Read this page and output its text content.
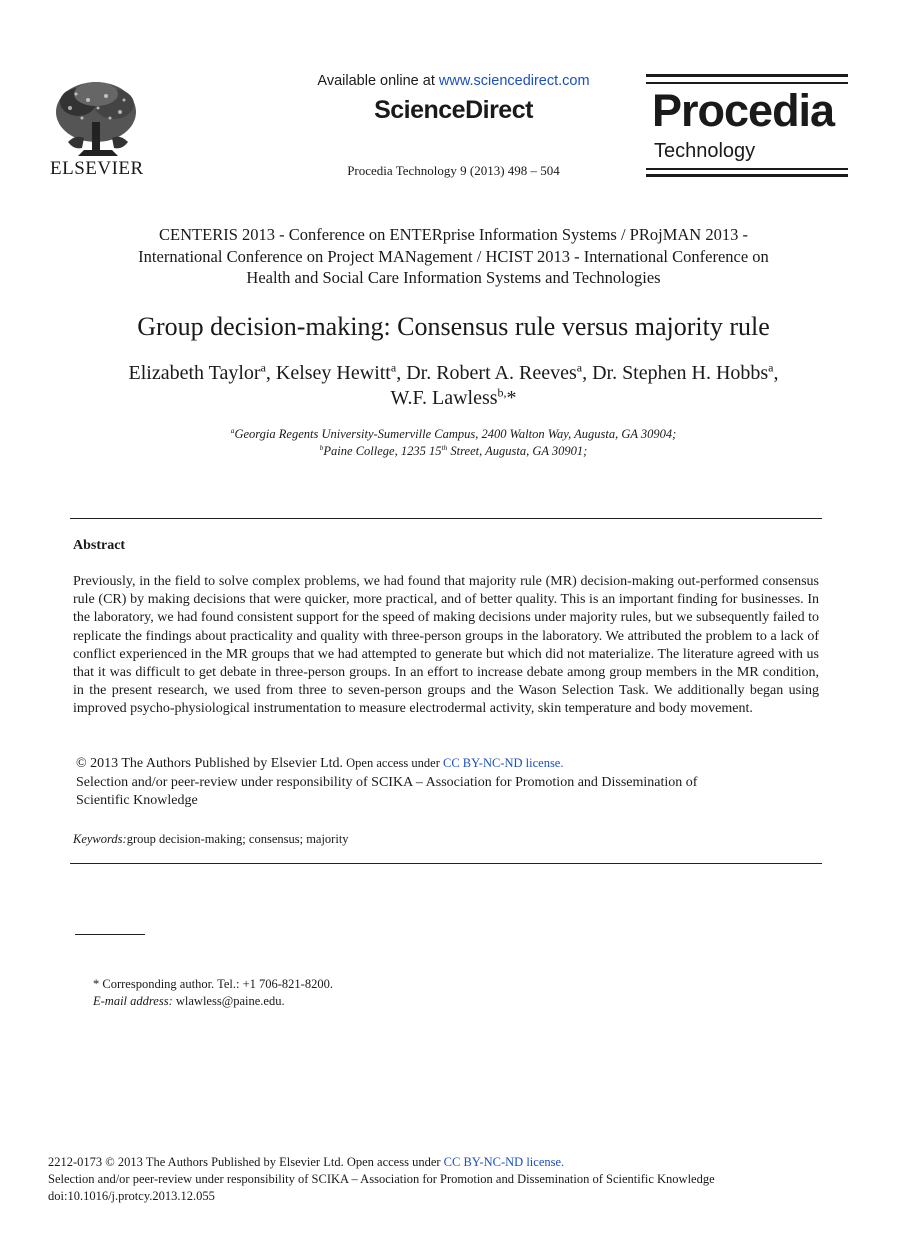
ELSEVIER
Available online at www.sciencedirect.com
ScienceDirect
Procedia Technology 9 (2013) 498 – 504
Procedia
Technology
CENTERIS 2013 - Conference on ENTERprise Information Systems / PRojMAN 2013 -
International Conference on Project MANagement / HCIST 2013 - International Conference on
Health and Social Care Information Systems and Technologies
Group decision-making: Consensus rule versus majority rule
Elizabeth Taylor$^a$, Kelsey Hewitt$^a$, Dr. Robert A. Reeves$^a$, Dr. Stephen H. Hobbs$^a$,
W.F. Lawless$^{b,}$*
$^a$Georgia Regents University-Sumerville Campus, 2400 Walton Way, Augusta, GA 30904;
$^b$Paine College, 1235 15th Street, Augusta, GA 30901;
Abstract
Previously, in the field to solve complex problems, we had found that majority rule (MR) decision-making out-performed consensus rule (CR) by making decisions that were quicker, more practical, and of better quality. This is an important finding for businesses. In the laboratory, we had found consistent support for the speed of making decisions under majority rules, but we subsequently failed to replicate the findings about practicality and quality with three-person groups in the laboratory. We attributed the problem to a lack of conflict experienced in the MR groups that we had attempted to generate but which did not materialize. The literature agreed with us that it was difficult to get debate in three-person groups. In an effort to increase debate among group members in the MR condition, in the present research, we used from three to seven-person groups and the Wason Selection Task. We additionally began using improved psycho-physiological instrumentation to measure electrodermal activity, skin temperature and body movement.
© 2013 The Authors Published by Elsevier Ltd. Open access under CC BY-NC-ND license.
Selection and/or peer-review under responsibility of SCIKA – Association for Promotion and Dissemination of
Scientific Knowledge
Keywords:group decision-making; consensus; majority
* Corresponding author. Tel.: +1 706-821-8200.
E-mail address: wlawless@paine.edu.
2212-0173 © 2013 The Authors Published by Elsevier Ltd. Open access under CC BY-NC-ND license.
Selection and/or peer-review under responsibility of SCIKA – Association for Promotion and Dissemination of Scientific Knowledge
doi:10.1016/j.protcy.2013.12.055
